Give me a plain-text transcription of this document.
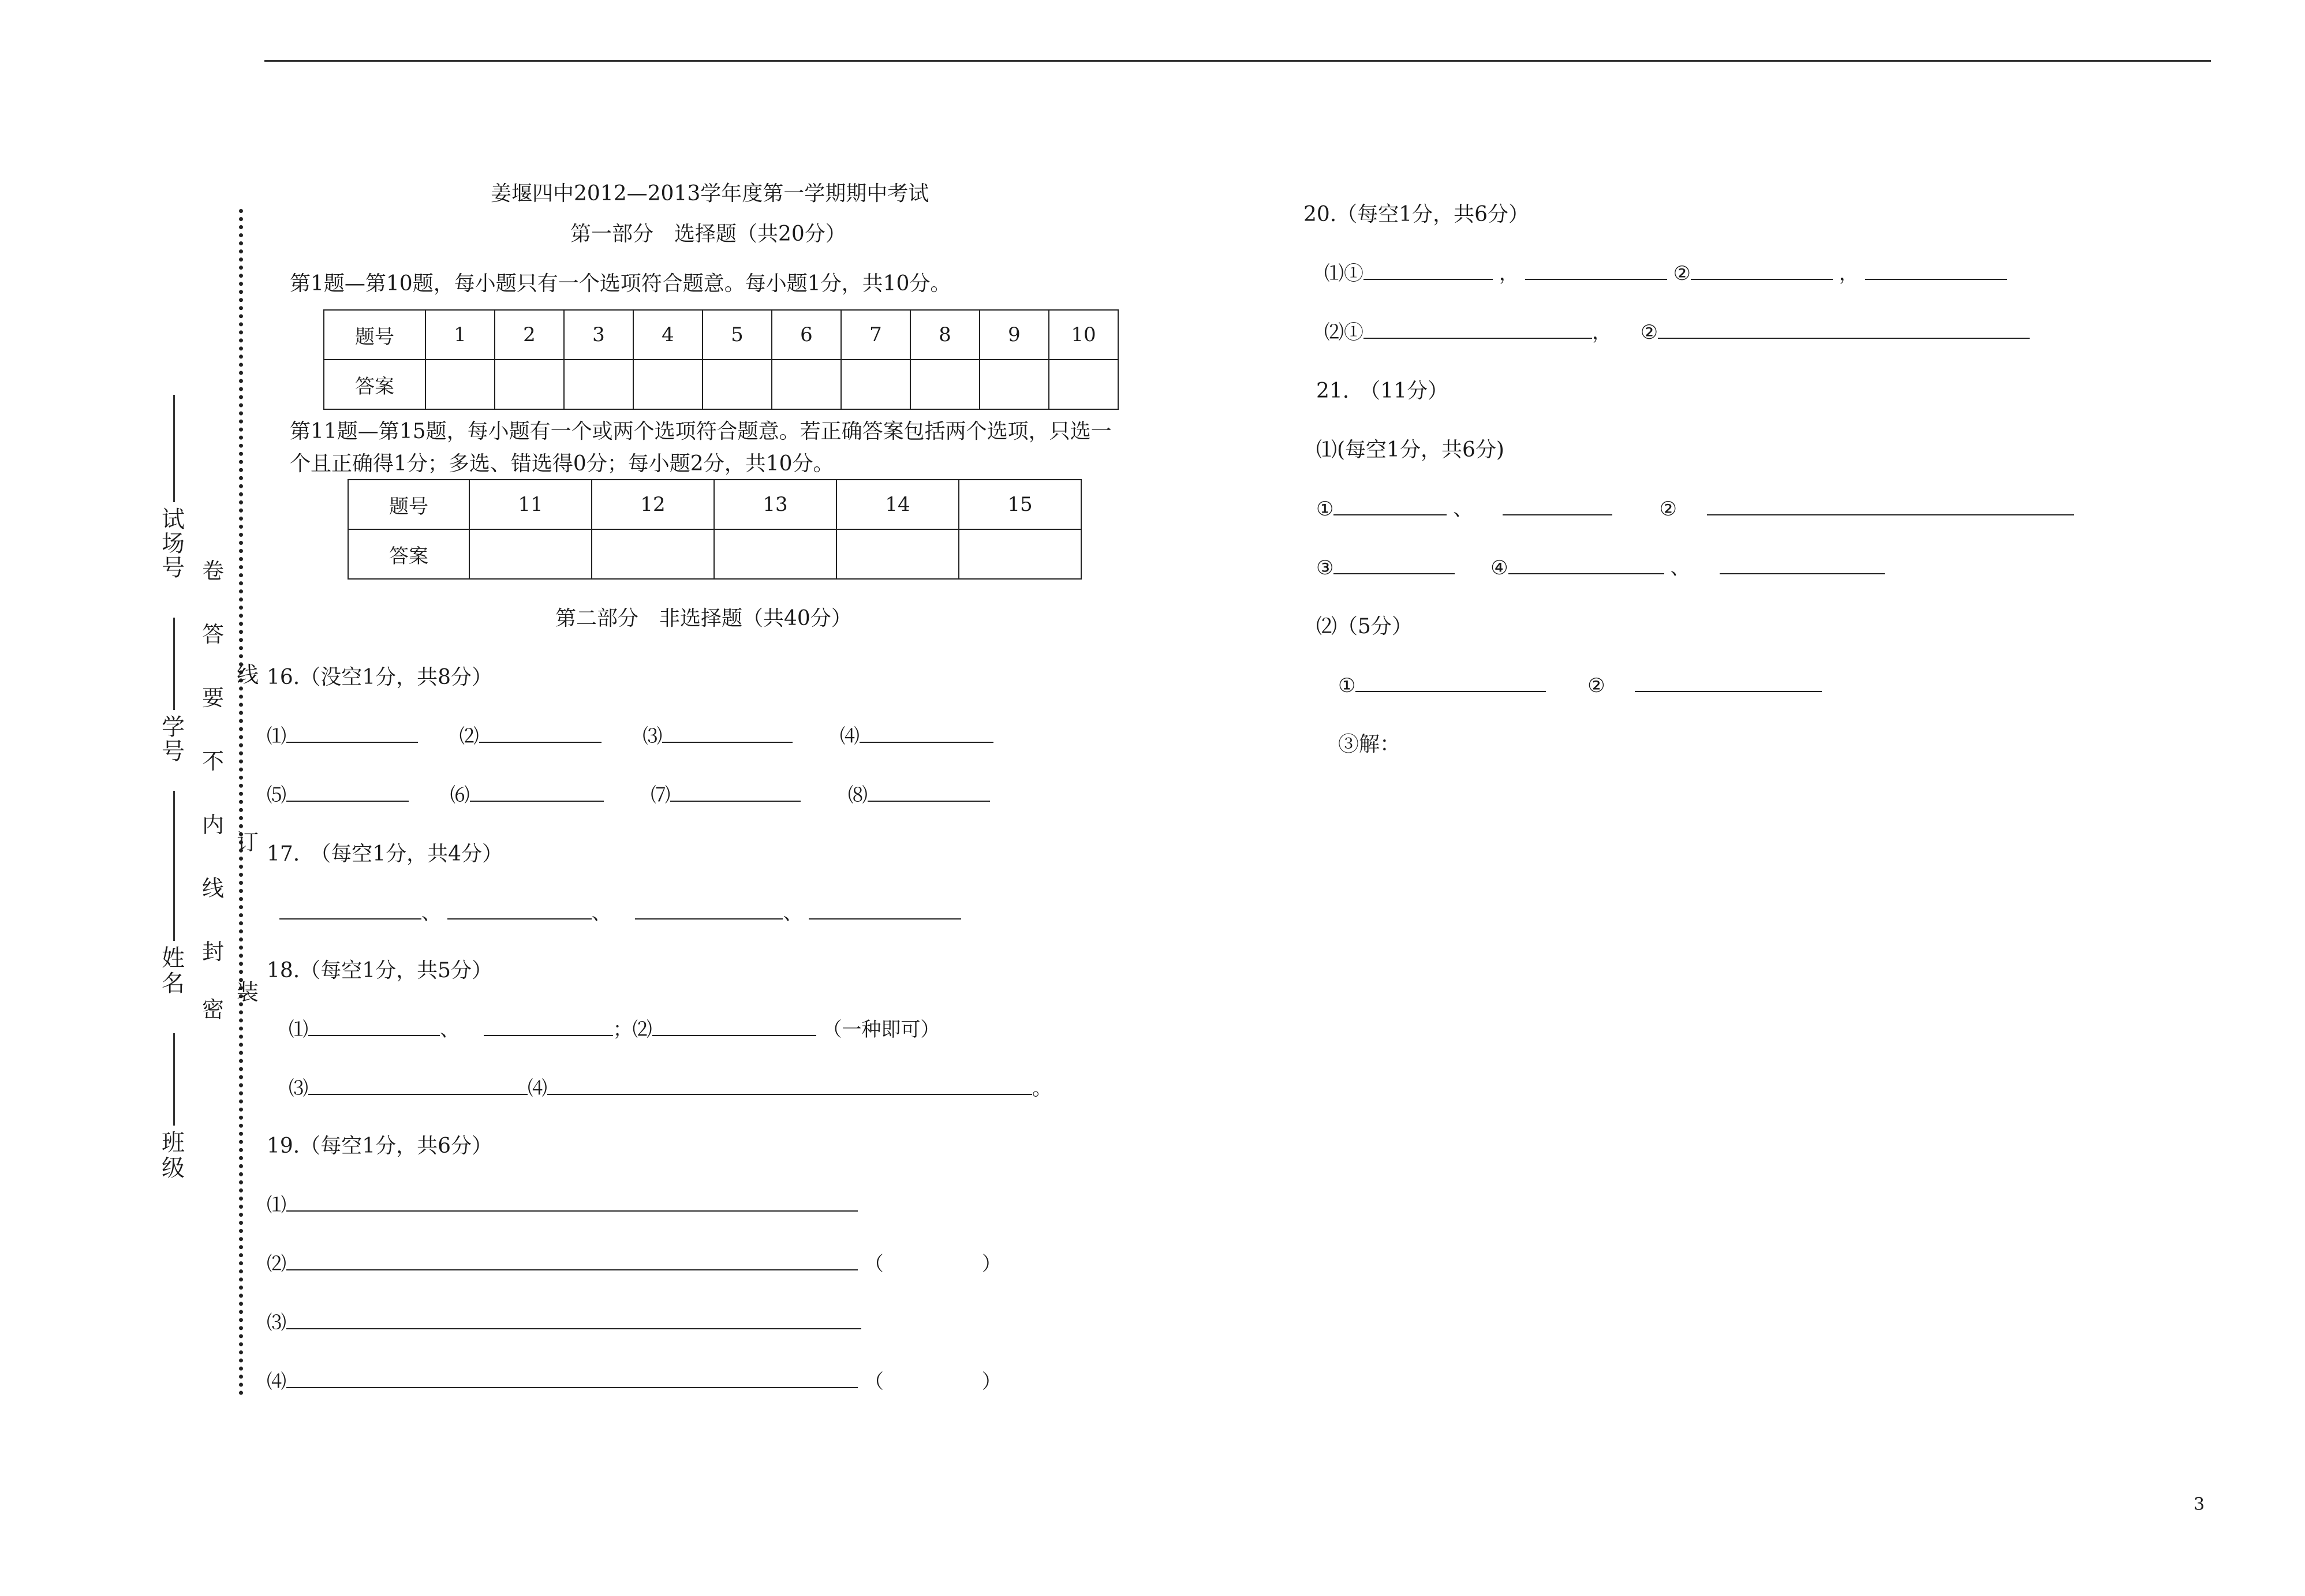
班
级
姓
名
学
号
试
场
号
密
封
线
内
不
要
答
卷
装
订
线
姜堰四中2012—2013学年度第一学期期中考试
第一部分　选择题（共20分）
第1题—第10题，每小题只有一个选项符合题意。每小题1分，共10分。
题号	1	2	3	4	5	6	7	8	9	10
答案										
第11题—第15题，每小题有一个或两个选项符合题意。若正确答案包括两个选项，只选一
个且正确得1分；多选、错选得0分；每小题2分，共10分。
题号	11	12	13	14	15
答案					
第二部分　非选择题（共40分）
16.（没空1分，共8分）
⑴	⑵	⑶	⑷
⑸	⑹	⑺	⑻
17.　（每空1分，共4分）
、	、	、
18.（每空1分，共5分）
⑴	、	；⑵	（一种即可）
⑶	⑷	。
19.（每空1分，共6分）
⑴
⑵	（　　　　　）
⑶
⑷	（　　　　　）
20.（每空1分，共6分）
⑴①	，	②	，
⑵①	， ②
21.　（11分）
⑴(每空1分，共6分)
①	、	②
③	④	、
⑵（5分）
①	②
③解：
3
